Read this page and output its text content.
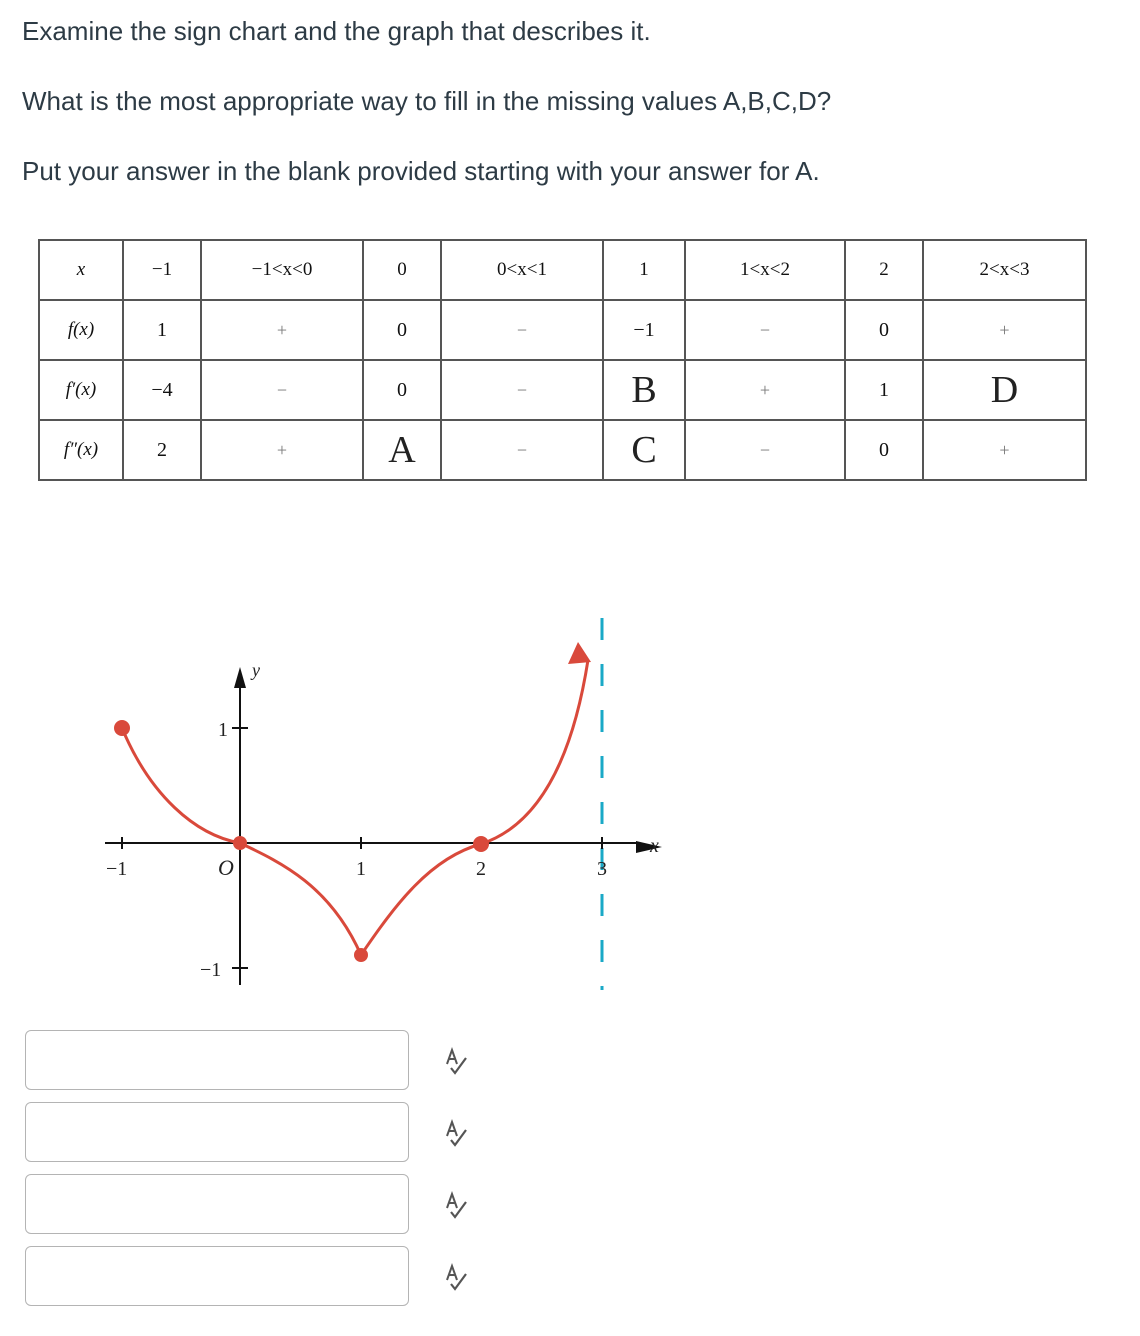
Examine the sign chart and the graph that describes it.

What is the most appropriate way to fill in the missing values A,B,C,D?

Put your answer in the blank provided starting with your answer for A.

x	−1	−1<x<0	0	0<x<1	1	1<x<2	2	2<x<3
f(x)	1	+	0	−	−1	−	0	+
f′(x)	−4	−	0	−	B	+	1	D
f″(x)	2	+	A	−	C	−	0	+
−1	O	1	2	3
1
−1
y
x
